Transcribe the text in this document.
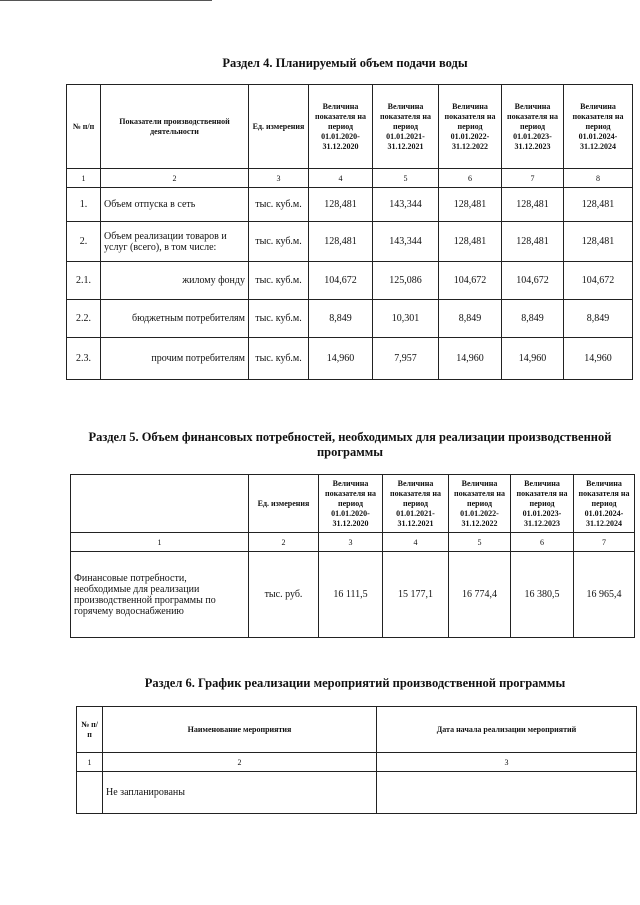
Раздел 4. Планируемый объем подачи воды
№ п/п	Показатели производственной деятельности	Ед. измерения	Величина показателя на период 01.01.2020-31.12.2020	Величина показателя на период 01.01.2021-31.12.2021	Величина показателя на период 01.01.2022-31.12.2022	Величина показателя на период 01.01.2023-31.12.2023	Величина показателя на период 01.01.2024-31.12.2024
1	2	3	4	5	6	7	8
1.	Объем отпуска в сеть	тыс. куб.м.	128,481	143,344	128,481	128,481	128,481
2.	Объем реализации товаров и услуг (всего), в том числе:	тыс. куб.м.	128,481	143,344	128,481	128,481	128,481
2.1.	жилому фонду	тыс. куб.м.	104,672	125,086	104,672	104,672	104,672
2.2.	бюджетным потребителям	тыс. куб.м.	8,849	10,301	8,849	8,849	8,849
2.3.	прочим потребителям	тыс. куб.м.	14,960	7,957	14,960	14,960	14,960
Раздел 5. Объем финансовых потребностей, необходимых для реализации производственной программы
	Ед. измерения	Величина показателя на период 01.01.2020-31.12.2020	Величина показателя на период 01.01.2021-31.12.2021	Величина показателя на период 01.01.2022-31.12.2022	Величина показателя на период 01.01.2023-31.12.2023	Величина показателя на период 01.01.2024-31.12.2024
1	2	3	4	5	6	7
Финансовые потребности, необходимые для реализации производственной программы по горячему водоснабжению	тыс. руб.	16 111,5	15 177,1	16 774,4	16 380,5	16 965,4
Раздел 6. График реализации мероприятий производственной программы
№ п/п	Наименование мероприятия	Дата начала реализации мероприятий
1	2	3
	Не запланированы	
